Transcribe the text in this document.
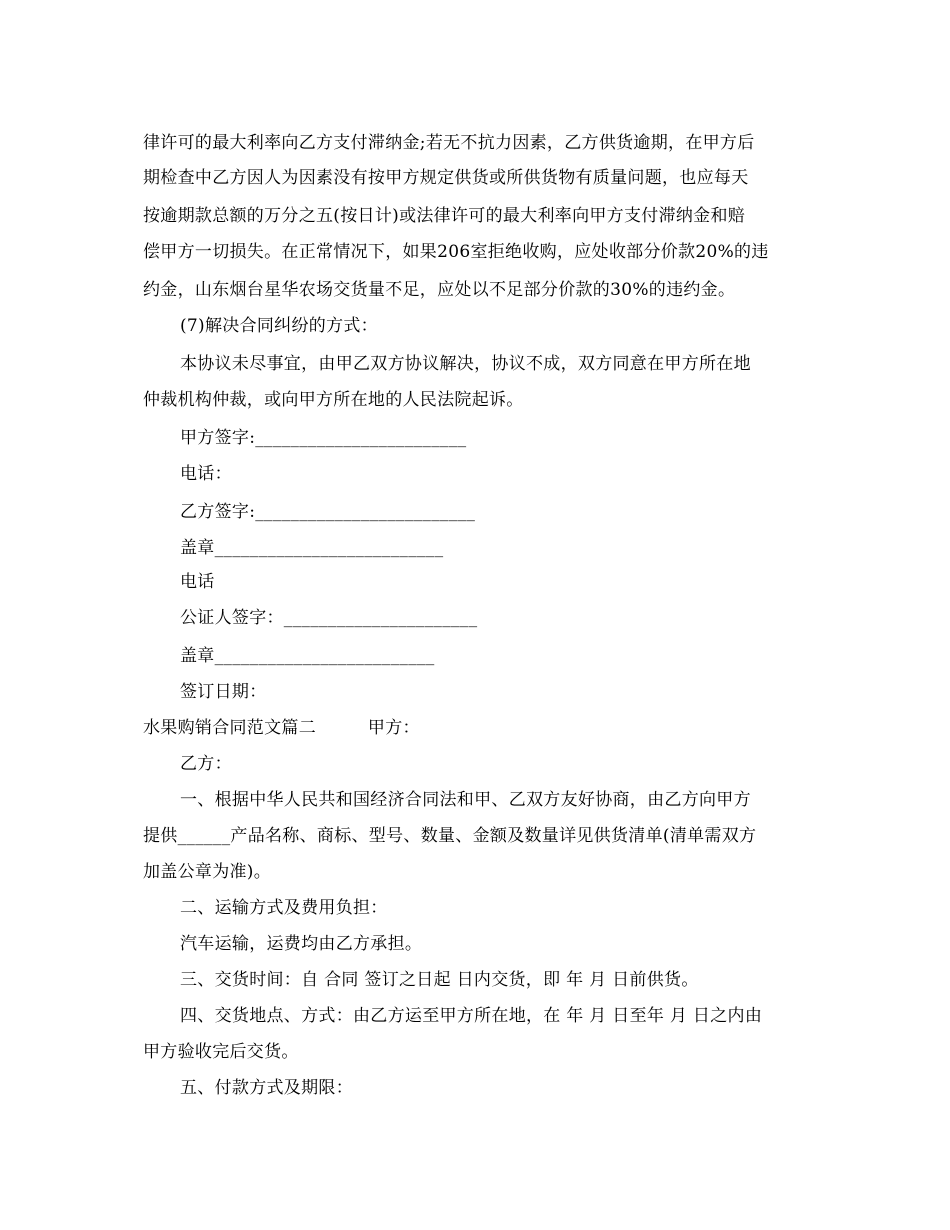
律许可的最大利率向乙方支付滞纳金;若无不抗力因素，乙方供货逾期，在甲方后
期检查中乙方因人为因素没有按甲方规定供货或所供货物有质量问题，也应每天
按逾期款总额的万分之五(按日计)或法律许可的最大利率向甲方支付滞纳金和赔
偿甲方一切损失。在正常情况下，如果206室拒绝收购，应处收部分价款20%的违
约金，山东烟台星华农场交货量不足，应处以不足部分价款的30%的违约金。
(7)解决合同纠纷的方式：
本协议未尽事宜，由甲乙双方协议解决，协议不成，双方同意在甲方所在地
仲裁机构仲裁，或向甲方所在地的人民法院起诉。
甲方签字:________________________
电话：
乙方签字:_________________________
盖章__________________________
电话
公证人签字：______________________
盖章_________________________
签订日期：
水果购销合同范文篇二　　　甲方：
乙方：
一、根据中华人民共和国经济合同法和甲、乙双方友好协商，由乙方向甲方
提供______产品名称、商标、型号、数量、金额及数量详见供货清单(清单需双方
加盖公章为准)。
二、运输方式及费用负担：
汽车运输，运费均由乙方承担。
三、交货时间：自 合同 签订之日起 日内交货，即 年 月 日前供货。
四、交货地点、方式：由乙方运至甲方所在地，在 年 月 日至年 月 日之内由
甲方验收完后交货。
五、付款方式及期限：
